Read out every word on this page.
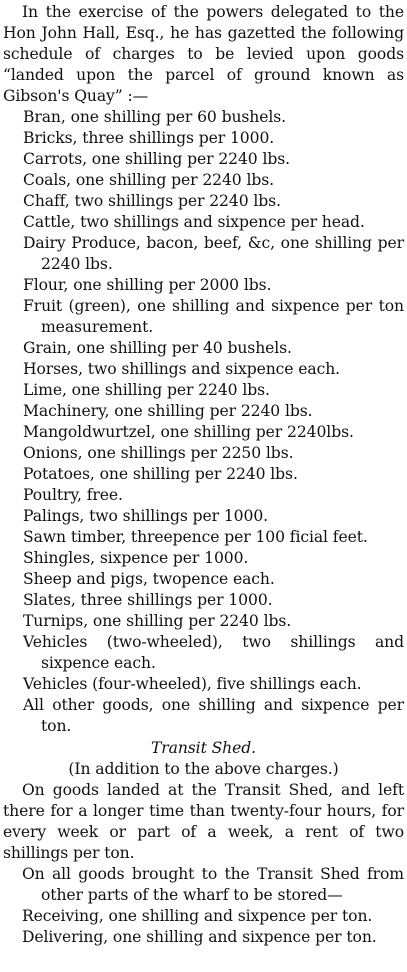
In the exercise of the powers delegated to the Hon John Hall, Esq., he has gazetted the following schedule of charges to be levied upon goods “landed upon the parcel of ground known as Gibson's Quay” :—

Bran, one shilling per 60 bushels.

Bricks, three shillings per 1000.

Carrots, one shilling per 2240 lbs.

Coals, one shilling per 2240 lbs.

Chaff, two shillings per 2240 lbs.

Cattle, two shillings and sixpence per head.

Dairy Produce, bacon, beef, &c, one shilling per 2240 lbs.

Flour, one shilling per 2000 lbs.

Fruit (green), one shilling and sixpence per ton measurement.

Grain, one shilling per 40 bushels.

Horses, two shillings and sixpence each.

Lime, one shilling per 2240 lbs.

Machinery, one shilling per 2240 lbs.

Mangoldwurtzel, one shilling per 2240lbs.

Onions, one shillings per 2250 lbs.

Potatoes, one shilling per 2240 lbs.

Poultry, free.

Palings, two shillings per 1000.

Sawn timber, threepence per 100 ficial feet.

Shingles, sixpence per 1000.

Sheep and pigs, twopence each.

Slates, three shillings per 1000.

Turnips, one shilling per 2240 lbs.

Vehicles (two-wheeled), two shillings and sixpence each.

Vehicles (four-wheeled), five shillings each.

All other goods, one shilling and sixpence per ton.

Transit Shed.

(In addition to the above charges.)

On goods landed at the Transit Shed, and left there for a longer time than twenty-four hours, for every week or part of a week, a rent of two shillings per ton.

On all goods brought to the Transit Shed from other parts of the wharf to be stored—

Receiving, one shilling and sixpence per ton.

Delivering, one shilling and sixpence per ton.
